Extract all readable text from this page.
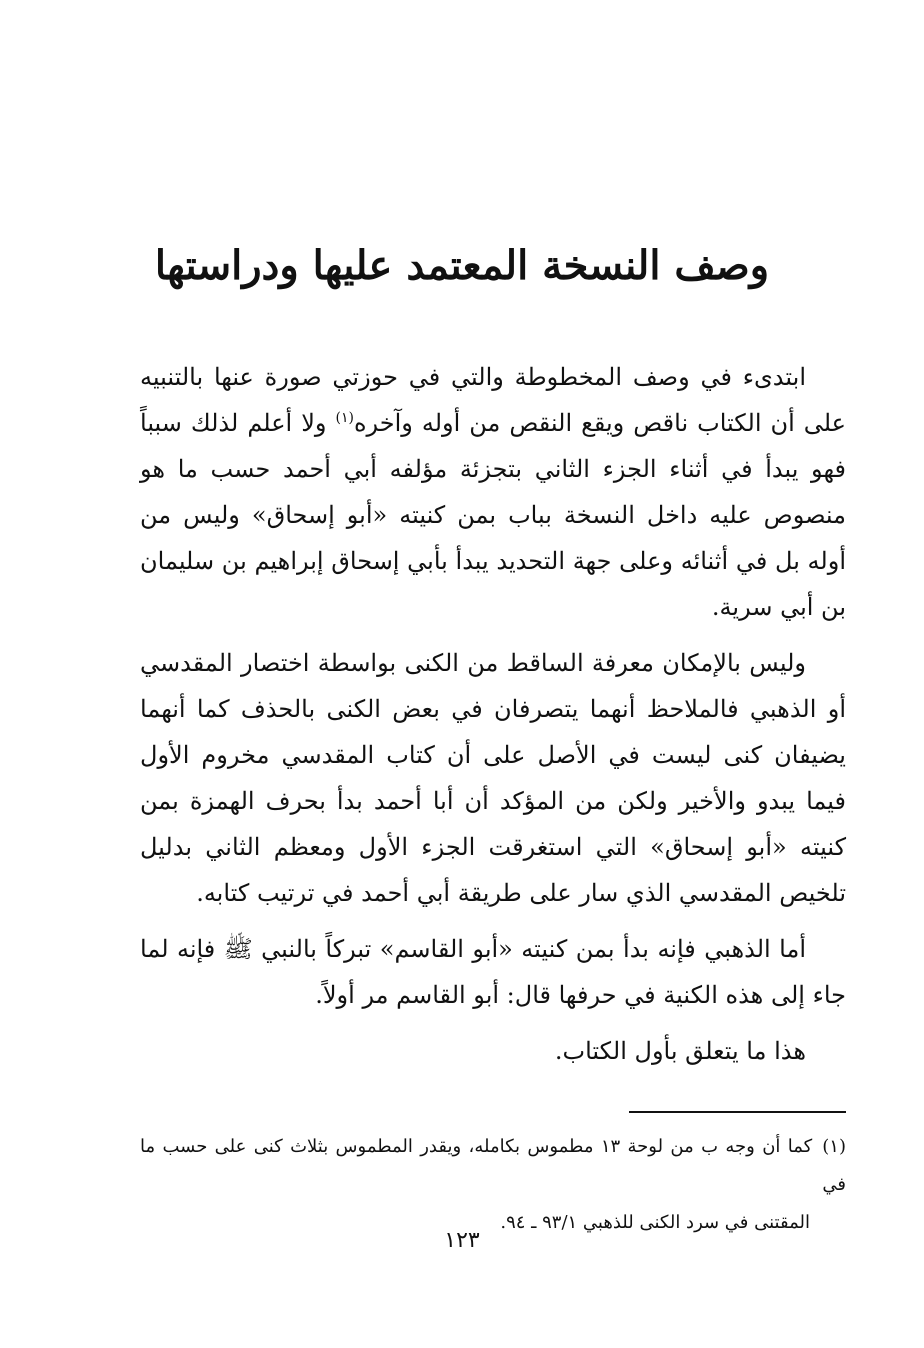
وصف النسخة المعتمد عليها ودراستها

ابتدىء في وصف المخطوطة والتي في حوزتي صورة عنها بالتنبيه على أن الكتاب ناقص ويقع النقص من أوله وآخره$^{(١)}$ ولا أعلم لذلك سبباً فهو يبدأ في أثناء الجزء الثاني بتجزئة مؤلفه أبي أحمد حسب ما هو منصوص عليه داخل النسخة بباب بمن كنيته «أبو إسحاق» وليس من أوله بل في أثنائه وعلى جهة التحديد يبدأ بأبي إسحاق إبراهيم بن سليمان بن أبي سرية.

وليس بالإمكان معرفة الساقط من الكنى بواسطة اختصار المقدسي أو الذهبي فالملاحظ أنهما يتصرفان في بعض الكنى بالحذف كما أنهما يضيفان كنى ليست في الأصل على أن كتاب المقدسي مخروم الأول فيما يبدو والأخير ولكن من المؤكد أن أبا أحمد بدأ بحرف الهمزة بمن كنيته «أبو إسحاق» التي استغرقت الجزء الأول ومعظم الثاني بدليل تلخيص المقدسي الذي سار على طريقة أبي أحمد في ترتيب كتابه.

أما الذهبي فإنه بدأ بمن كنيته «أبو القاسم» تبركاً بالنبي ﷺ فإنه لما جاء إلى هذه الكنية في حرفها قال: أبو القاسم مر أولاً.

هذا ما يتعلق بأول الكتاب.

(١)كما أن وجه ب من لوحة ١٣ مطموس بكامله، ويقدر المطموس بثلاث كنى على حسب ما في
المقتنى في سرد الكنى للذهبي ٩٣/١ ـ ٩٤.
١٢٣
